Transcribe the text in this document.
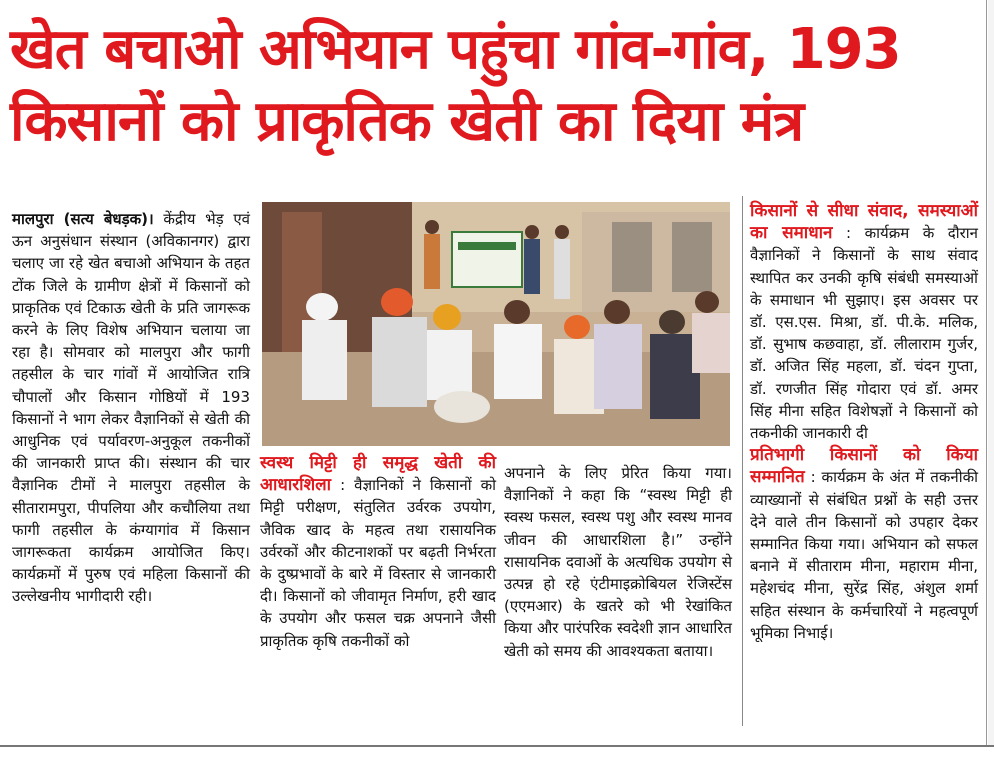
खेत बचाओ अभियान पहुंचा गांव-गांव, 193
किसानों को प्राकृतिक खेती का दिया मंत्र
मालपुरा (सत्य बेधड़क)। केंद्रीय भेड़ एवं ऊन अनुसंधान संस्थान (अविकानगर) द्वारा चलाए जा रहे खेत बचाओ अभियान के तहत टोंक जिले के ग्रामीण क्षेत्रों में किसानों को प्राकृतिक एवं टिकाऊ खेती के प्रति जागरूक करने के लिए विशेष अभियान चलाया जा रहा है। सोमवार को मालपुरा और फागी तहसील के चार गांवों में आयोजित रात्रि चौपालों और किसान गोष्ठियों में 193 किसानों ने भाग लेकर वैज्ञानिकों से खेती की आधुनिक एवं पर्यावरण-अनुकूल तकनीकों की जानकारी प्राप्त की। संस्थान की चार वैज्ञानिक टीमों ने मालपुरा तहसील के सीतारामपुरा, पीपलिया और कचौलिया तथा फागी तहसील के कंग्यागांव में किसान जागरूकता कार्यक्रम आयोजित किए। कार्यक्रमों में पुरुष एवं महिला किसानों की उल्लेखनीय भागीदारी रही।
स्वस्थ मिट्टी ही समृद्ध खेती की आधारशिला : वैज्ञानिकों ने किसानों को मिट्टी परीक्षण, संतुलित उर्वरक उपयोग, जैविक खाद के महत्व तथा रासायनिक उर्वरकों और कीटनाशकों पर बढ़ती निर्भरता के दुष्प्रभावों के बारे में विस्तार से जानकारी दी। किसानों को जीवामृत निर्माण, हरी खाद के उपयोग और फसल चक्र अपनाने जैसी प्राकृतिक कृषि तकनीकों को
अपनाने के लिए प्रेरित किया गया। वैज्ञानिकों ने कहा कि “स्वस्थ मिट्टी ही स्वस्थ फसल, स्वस्थ पशु और स्वस्थ मानव जीवन की आधारशिला है।” उन्होंने रासायनिक दवाओं के अत्यधिक उपयोग से उत्पन्न हो रहे एंटीमाइक्रोबियल रेजिस्टेंस (एएमआर) के खतरे को भी रेखांकित किया और पारंपरिक स्वदेशी ज्ञान आधारित खेती को समय की आवश्यकता बताया।
किसानों से सीधा संवाद, समस्याओं का समाधान : कार्यक्रम के दौरान वैज्ञानिकों ने किसानों के साथ संवाद स्थापित कर उनकी कृषि संबंधी समस्याओं के समाधान भी सुझाए। इस अवसर पर डॉ. एस.एस. मिश्रा, डॉ. पी.के. मलिक, डॉ. सुभाष कछवाहा, डॉ. लीलाराम गुर्जर, डॉ. अजित सिंह महला, डॉ. चंदन गुप्ता, डॉ. रणजीत सिंह गोदारा एवं डॉ. अमर सिंह मीना सहित विशेषज्ञों ने किसानों को तकनीकी जानकारी दी
प्रतिभागी किसानों को किया सम्मानित : कार्यक्रम के अंत में तकनीकी व्याख्यानों से संबंधित प्रश्नों के सही उत्तर देने वाले तीन किसानों को उपहार देकर सम्मानित किया गया। अभियान को सफल बनाने में सीताराम मीना, महाराम मीना, महेशचंद मीना, सुरेंद्र सिंह, अंशुल शर्मा सहित संस्थान के कर्मचारियों ने महत्वपूर्ण भूमिका निभाई।
